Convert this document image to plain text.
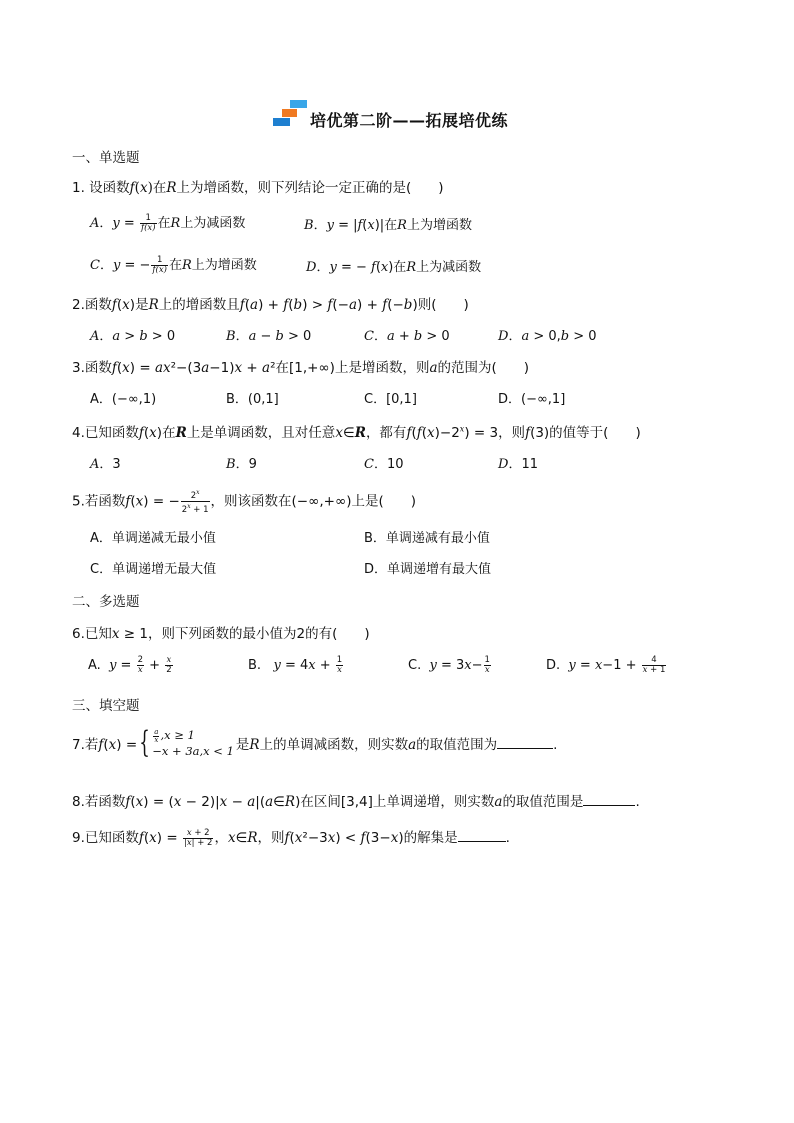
培优第二阶——拓展培优练
一、单选题
1. 设函数f(x)在R上为增函数，则下列结论一定正确的是(　　)
A．$y = \frac{1}{f(x)}$ 在R上为减函数	B．y = |f(x)|在R上为增函数
C．y = − $\frac{1}{f(x)}$ 在R上为增函数	D．y = − f(x)在R上为减函数
2.函数f(x)是R上的增函数且f(a) + f(b) > f(−a) + f(−b)则(　　)
A．a > b > 0	B．a − b > 0	C．a + b > 0	D．a > 0,b > 0
3.函数f(x) = ax²−(3a−1)x + a²在[1,+∞)上是增函数，则a的范围为(　　)
A．(−∞,1)	B．(0,1]	C．[0,1]	D．(−∞,1]
4.已知函数f(x)在R上是单调函数，且对任意x∈R，都有$f(f(x)-2^x) = 3$，则f(3)的值等于(　　)
A．3	B．9	C．10	D．11
5.若函数f(x) = − $\frac{2^x}{2^x + 1}$ ，则该函数在(−∞,+∞)上是(　　)
A．单调递减无最小值	B．单调递减有最小值
C．单调递增无最大值	D．单调递增有最大值
二、多选题
6.已知x ≥ 1，则下列函数的最小值为2的有(　　)
A.  $y = \frac{2}{x} + \frac{x}{2}$	B.   $y = 4x + \frac{1}{x}$	C.  $y = 3x- \frac{1}{x}$	D.  $y = x-1 + \frac{4}{x + 1}$
三、填空题
7.若f(x) = { $\frac{a}{x} ,x \ge 1$
−x + 3a,x < 1 是R上的单调减函数，则实数a的取值范围为	.
8.若函数f(x) = (x − 2)|x − a|(a∈R)在区间[3,4]上单调递增，则实数a的取值范围是	.
9.已知函数$f(x) = \frac{x + 2}{|x| + 2}$ ，x∈R，则f(x²−3x) < f(3−x)的解集是	.
